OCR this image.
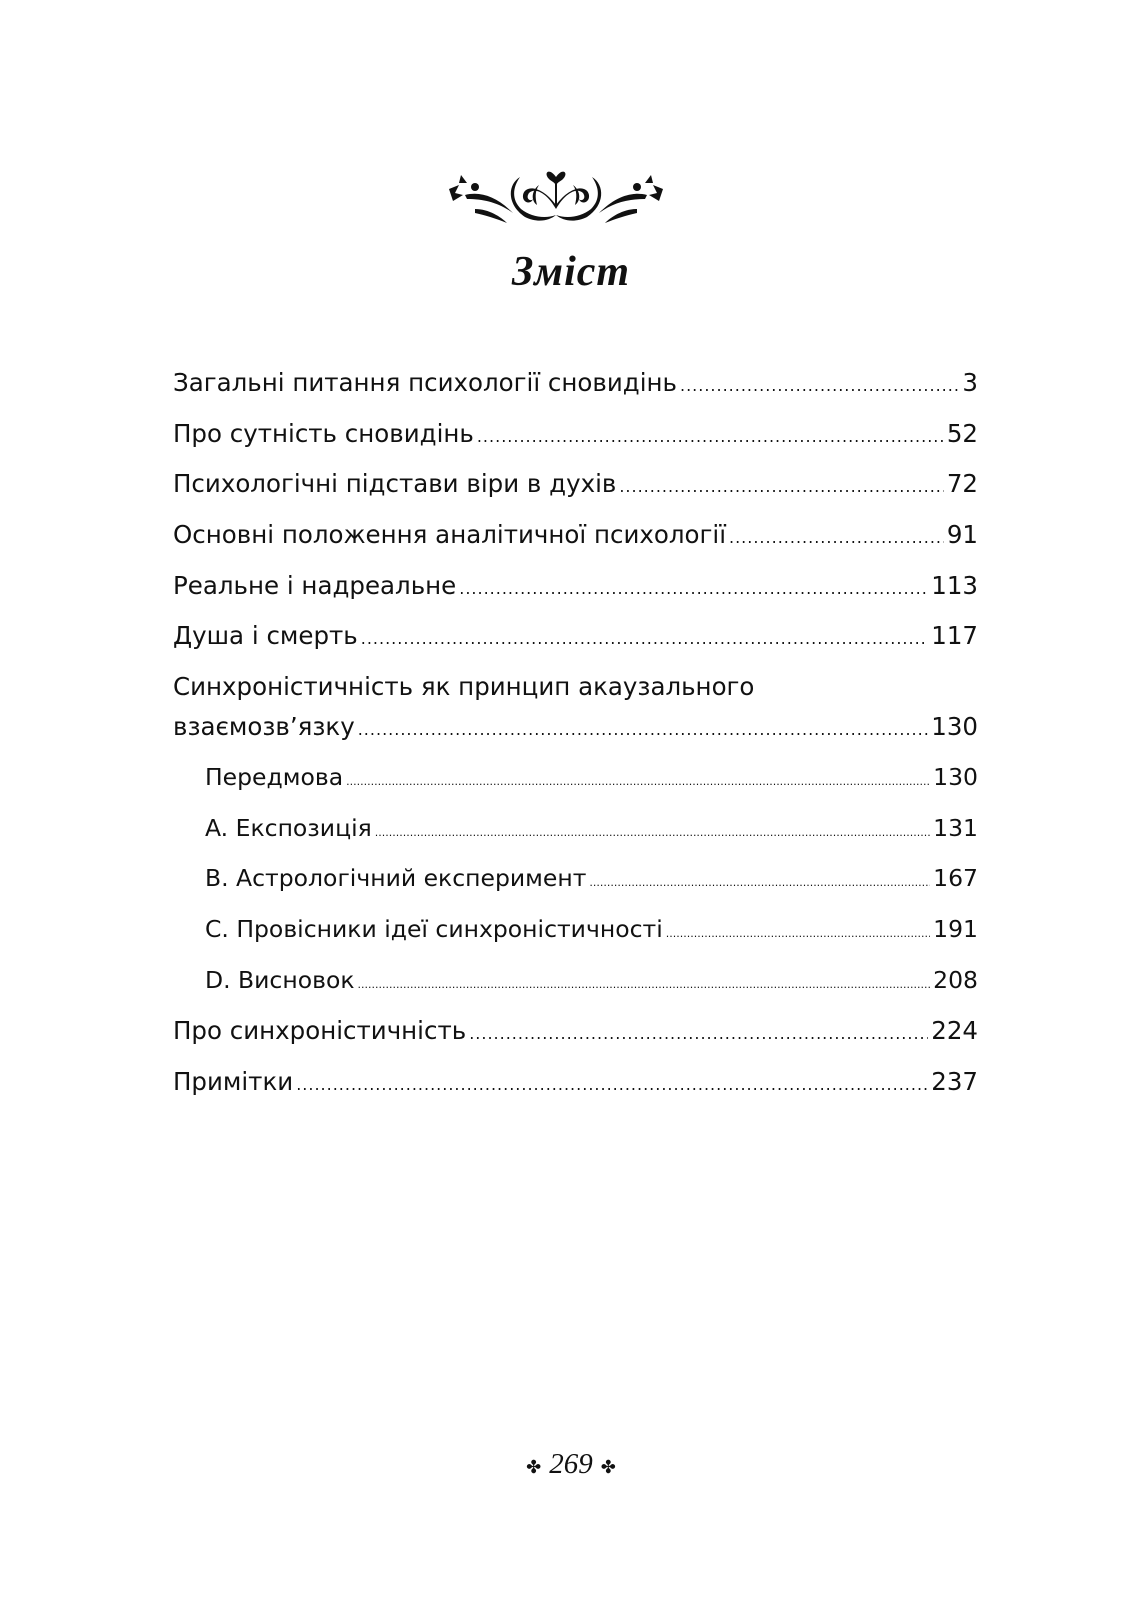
Зміст
Загальні питання психології сновидінь .....	3
Про сутність сновидінь .....	52
Психологічні підстави віри в духів .....	72
Основні положення аналітичної психології .....	91
Реальне і надреальне .....	113
Душа і смерть .....	117
Синхроністичність як принцип акаузального
взаємозв’язку .....	130
Передмова .....	130
A. Експозиція .....	131
B. Астрологічний експеримент .....	167
C. Провісники ідеї синхроністичності .....	191
D. Висновок .....	208
Про синхроністичність .....	224
Примітки .....	237
✤ 269 ✤
